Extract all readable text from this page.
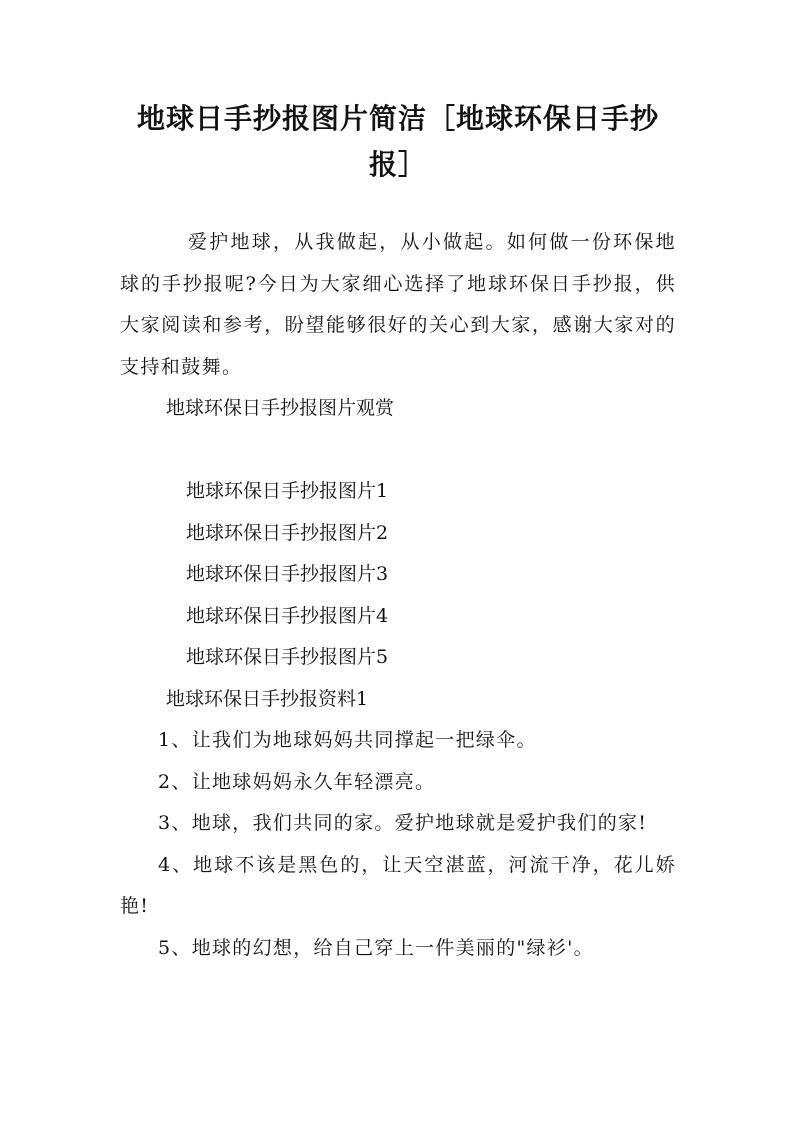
地球日手抄报图片简洁［地球环保日手抄报］

爱护地球，从我做起，从小做起。如何做一份环保地球的手抄报呢?今日为大家细心选择了地球环保日手抄报，供大家阅读和参考，盼望能够很好的关心到大家，感谢大家对的支持和鼓舞。

地球环保日手抄报图片观赏

地球环保日手抄报图片1

地球环保日手抄报图片2

地球环保日手抄报图片3

地球环保日手抄报图片4

地球环保日手抄报图片5

地球环保日手抄报资料1

1、让我们为地球妈妈共同撑起一把绿伞。

2、让地球妈妈永久年轻漂亮。

3、地球，我们共同的家。爱护地球就是爱护我们的家!

4、地球不该是黑色的，让天空湛蓝，河流干净，花儿娇艳!

5、地球的幻想，给自己穿上一件美丽的"绿衫'。
